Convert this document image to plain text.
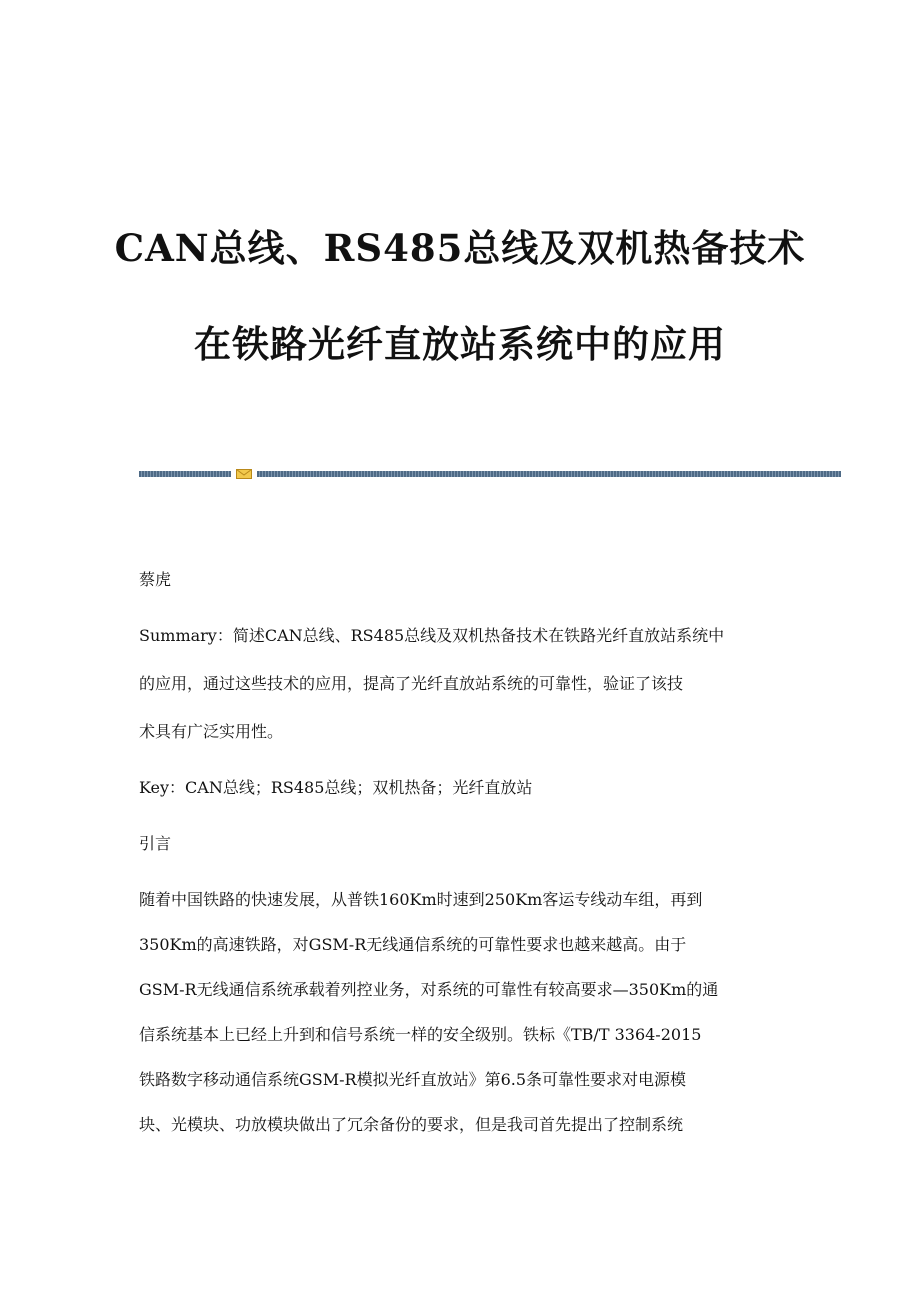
CAN总线、RS485总线及双机热备技术
在铁路光纤直放站系统中的应用
蔡虎
Summary：简述CAN总线、RS485总线及双机热备技术在铁路光纤直放站系统中
的应用，通过这些技术的应用，提高了光纤直放站系统的可靠性，验证了该技
术具有广泛实用性。
Key：CAN总线；RS485总线；双机热备；光纤直放站
引言
随着中国铁路的快速发展，从普铁160Km时速到250Km客运专线动车组，再到
350Km的高速铁路，对GSM-R无线通信系统的可靠性要求也越来越高。由于
GSM-R无线通信系统承载着列控业务，对系统的可靠性有较高要求—350Km的通
信系统基本上已经上升到和信号系统一样的安全级别。铁标《TB/T 3364-2015
铁路数字移动通信系统GSM-R模拟光纤直放站》第6.5条可靠性要求对电源模
块、光模块、功放模块做出了冗余备份的要求，但是我司首先提出了控制系统
